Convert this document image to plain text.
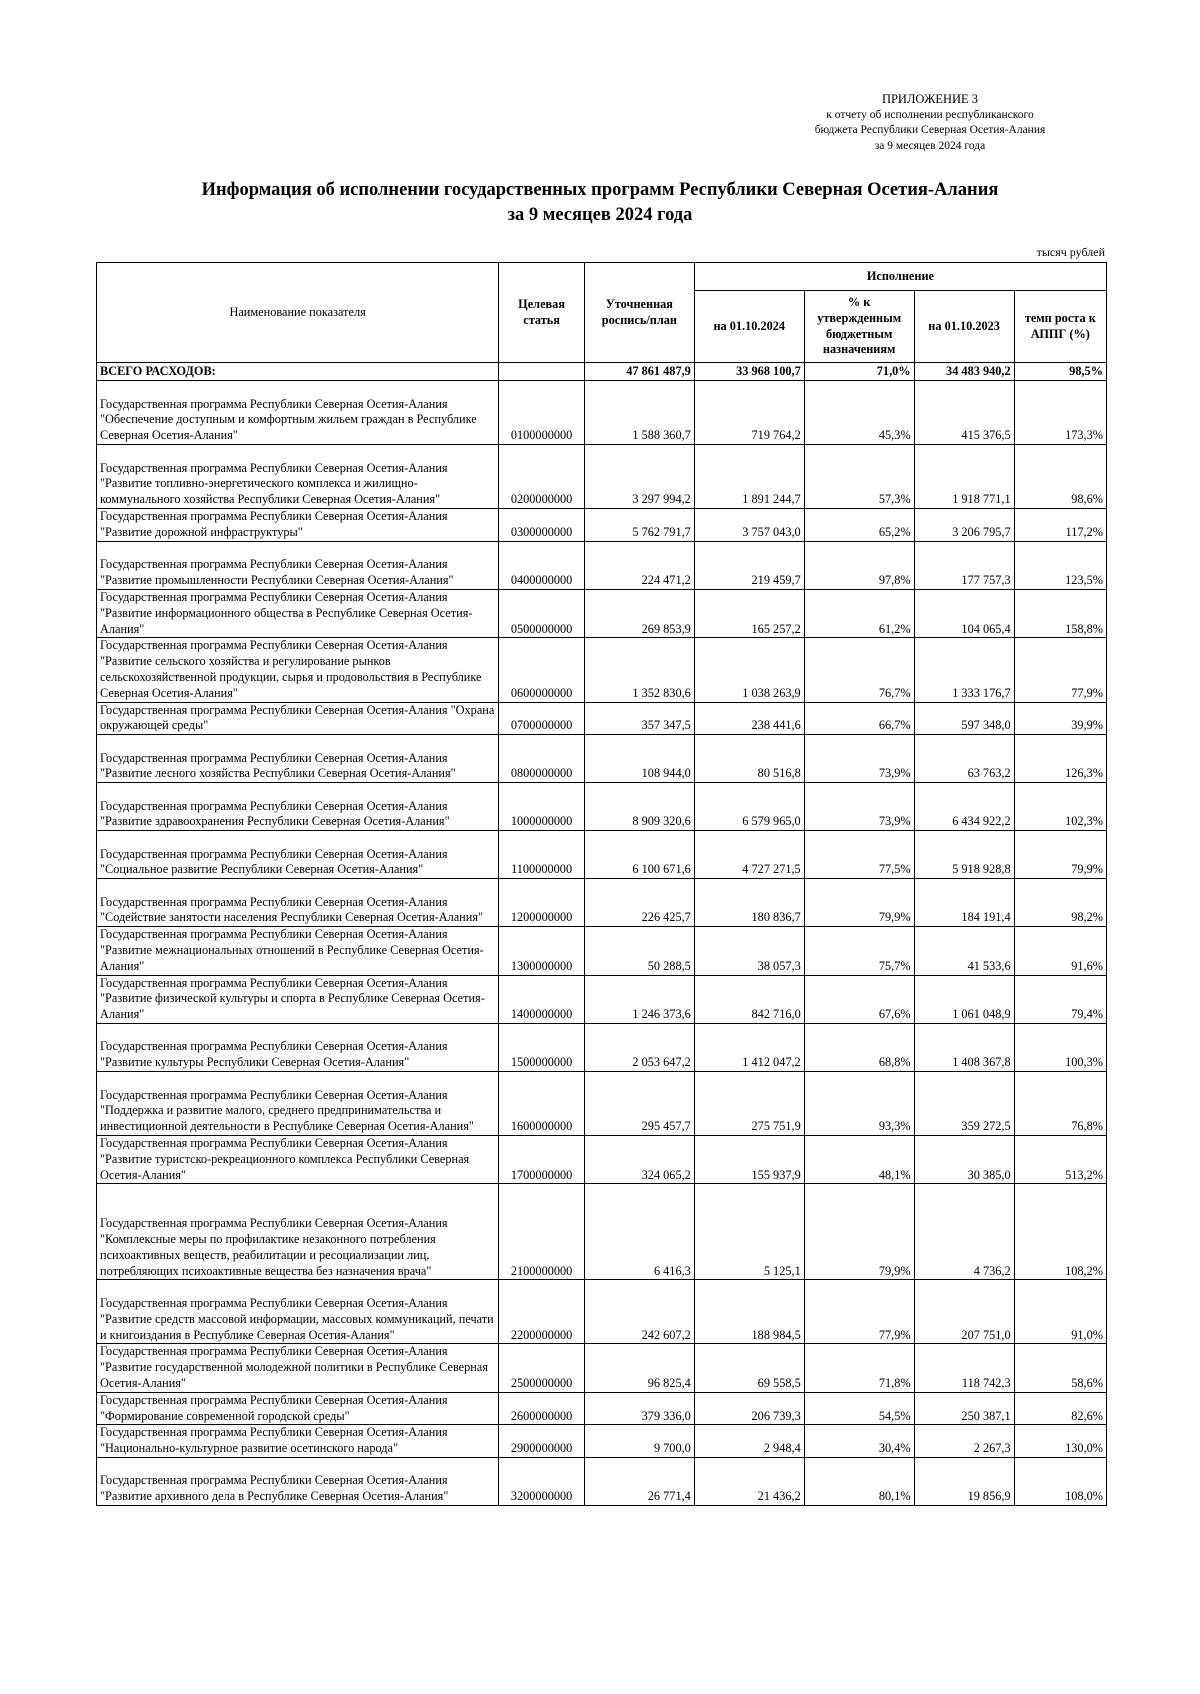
ПРИЛОЖЕНИЕ 3
к отчету об исполнении республиканского
бюджета Республики Северная Осетия-Алания
за 9 месяцев 2024 года
Информация об исполнении государственных программ Республики Северная Осетия-Алания
за 9 месяцев 2024 года
тысяч рублей
Наименование показателя	Целевая статья	Уточненная роспись/план	Исполнение			
			на 01.10.2024	% к утвержденным бюджетным назначениям	на 01.10.2023	темп роста к АППГ (%)
ВСЕГО РАСХОДОВ:		47 861 487,9	33 968 100,7	71,0%	34 483 940,2	98,5%
Государственная программа Республики Северная Осетия-Алания "Обеспечение доступным и комфортным жильем граждан в Республике Северная Осетия-Алания"	0100000000	1 588 360,7	719 764,2	45,3%	415 376,5	173,3%
Государственная программа Республики Северная Осетия-Алания "Развитие топливно-энергетического комплекса и жилищно-коммунального хозяйства Республики Северная Осетия-Алания"	0200000000	3 297 994,2	1 891 244,7	57,3%	1 918 771,1	98,6%
Государственная программа Республики Северная Осетия-Алания "Развитие дорожной инфраструктуры"	0300000000	5 762 791,7	3 757 043,0	65,2%	3 206 795,7	117,2%
Государственная программа Республики Северная Осетия-Алания "Развитие промышленности Республики Северная Осетия-Алания"	0400000000	224 471,2	219 459,7	97,8%	177 757,3	123,5%
Государственная программа Республики Северная Осетия-Алания "Развитие информационного общества в Республике Северная Осетия-Алания"	0500000000	269 853,9	165 257,2	61,2%	104 065,4	158,8%
Государственная программа Республики Северная Осетия-Алания "Развитие сельского хозяйства и регулирование рынков сельскохозяйственной продукции, сырья и продовольствия в Республике Северная Осетия-Алания"	0600000000	1 352 830,6	1 038 263,9	76,7%	1 333 176,7	77,9%
Государственная программа Республики Северная Осетия-Алания "Охрана окружающей среды"	0700000000	357 347,5	238 441,6	66,7%	597 348,0	39,9%
Государственная программа Республики Северная Осетия-Алания "Развитие лесного хозяйства Республики Северная Осетия-Алания"	0800000000	108 944,0	80 516,8	73,9%	63 763,2	126,3%
Государственная программа Республики Северная Осетия-Алания "Развитие здравоохранения Республики Северная Осетия-Алания"	1000000000	8 909 320,6	6 579 965,0	73,9%	6 434 922,2	102,3%
Государственная программа Республики Северная Осетия-Алания "Социальное развитие Республики Северная Осетия-Алания"	1100000000	6 100 671,6	4 727 271,5	77,5%	5 918 928,8	79,9%
Государственная программа Республики Северная Осетия-Алания "Содействие занятости населения Республики Северная Осетия-Алания"	1200000000	226 425,7	180 836,7	79,9%	184 191,4	98,2%
Государственная программа Республики Северная Осетия-Алания "Развитие межнациональных отношений в Республике Северная Осетия-Алания"	1300000000	50 288,5	38 057,3	75,7%	41 533,6	91,6%
Государственная программа Республики Северная Осетия-Алания "Развитие физической культуры и спорта в Республике Северная Осетия-Алания"	1400000000	1 246 373,6	842 716,0	67,6%	1 061 048,9	79,4%
Государственная программа Республики Северная Осетия-Алания "Развитие культуры Республики Северная Осетия-Алания"	1500000000	2 053 647,2	1 412 047,2	68,8%	1 408 367,8	100,3%
Государственная программа Республики Северная Осетия-Алания "Поддержка и развитие малого, среднего предпринимательства и инвестиционной деятельности в Республике Северная Осетия-Алания"	1600000000	295 457,7	275 751,9	93,3%	359 272,5	76,8%
Государственная программа Республики Северная Осетия-Алания "Развитие туристско-рекреационного комплекса Республики Северная Осетия-Алания"	1700000000	324 065,2	155 937,9	48,1%	30 385,0	513,2%
Государственная программа Республики Северная Осетия-Алания "Комплексные меры по профилактике незаконного потребления психоактивных веществ, реабилитации и ресоциализации лиц, потребляющих психоактивные вещества без назначения врача"	2100000000	6 416,3	5 125,1	79,9%	4 736,2	108,2%
Государственная программа Республики Северная Осетия-Алания "Развитие средств массовой информации, массовых коммуникаций, печати и книгоиздания в Республике Северная Осетия-Алания"	2200000000	242 607,2	188 984,5	77,9%	207 751,0	91,0%
Государственная программа Республики Северная Осетия-Алания "Развитие государственной молодежной политики в Республике Северная Осетия-Алания"	2500000000	96 825,4	69 558,5	71,8%	118 742,3	58,6%
Государственная программа Республики Северная Осетия-Алания "Формирование современной городской среды"	2600000000	379 336,0	206 739,3	54,5%	250 387,1	82,6%
Государственная программа Республики Северная Осетия-Алания "Национально-культурное развитие осетинского народа"	2900000000	9 700,0	2 948,4	30,4%	2 267,3	130,0%
Государственная программа Республики Северная Осетия-Алания "Развитие архивного дела в Республике Северная Осетия-Алания"	3200000000	26 771,4	21 436,2	80,1%	19 856,9	108,0%
